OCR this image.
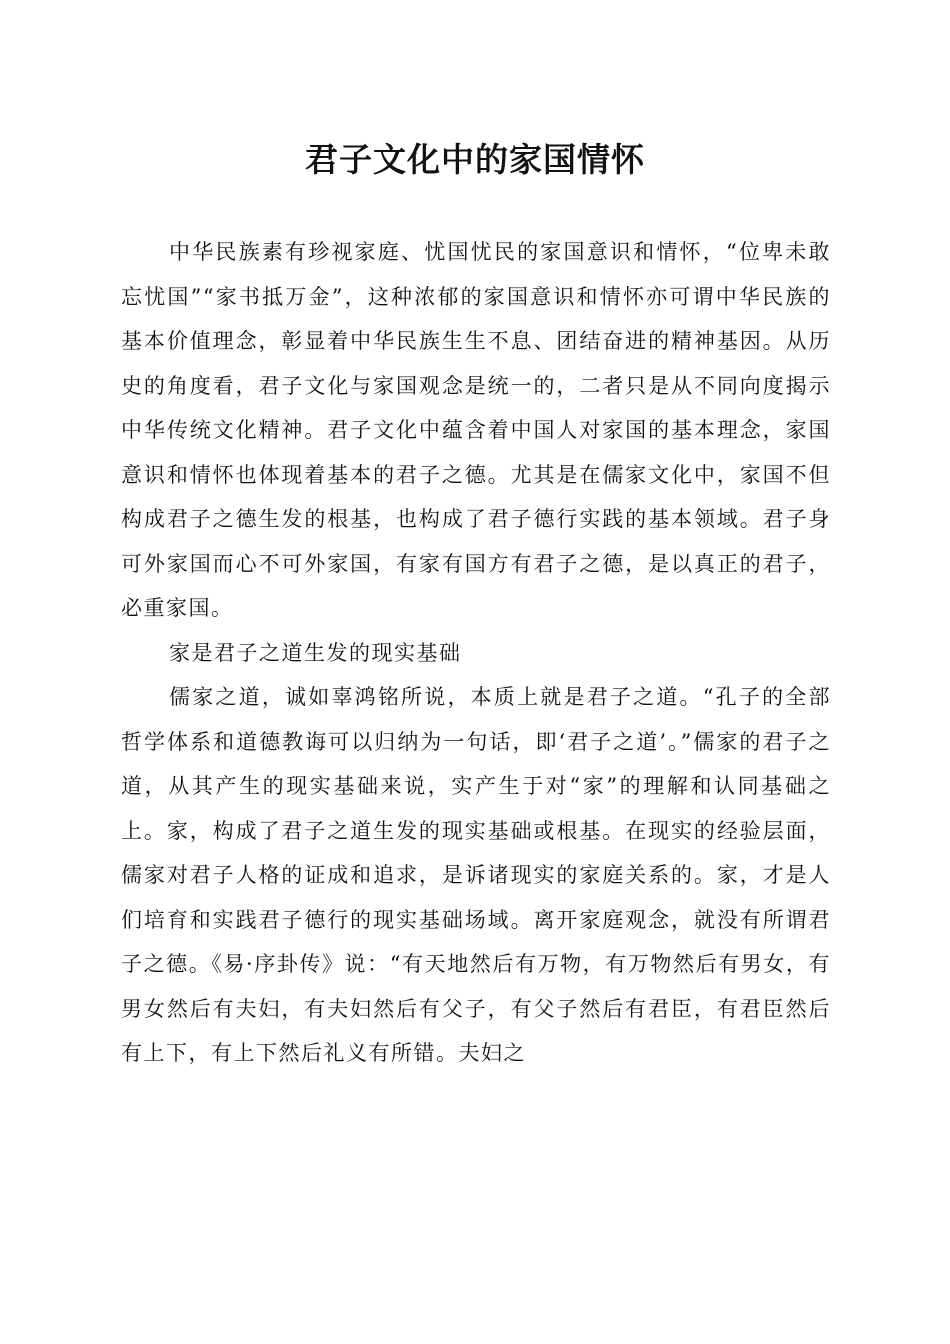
君子文化中的家国情怀

中华民族素有珍视家庭、忧国忧民的家国意识和情怀，“位卑未敢忘忧国”“家书抵万金”，这种浓郁的家国意识和情怀亦可谓中华民族的基本价值理念，彰显着中华民族生生不息、团结奋进的精神基因。从历史的角度看，君子文化与家国观念是统一的，二者只是从不同向度揭示中华传统文化精神。君子文化中蕴含着中国人对家国的基本理念，家国意识和情怀也体现着基本的君子之德。尤其是在儒家文化中，家国不但构成君子之德生发的根基，也构成了君子德行实践的基本领域。君子身可外家国而心不可外家国，有家有国方有君子之德，是以真正的君子，必重家国。

家是君子之道生发的现实基础

儒家之道，诚如辜鸿铭所说，本质上就是君子之道。“孔子的全部哲学体系和道德教诲可以归纳为一句话，即‘君子之道’。”儒家的君子之道，从其产生的现实基础来说，实产生于对“家”的理解和认同基础之上。家，构成了君子之道生发的现实基础或根基。在现实的经验层面，儒家对君子人格的证成和追求，是诉诸现实的家庭关系的。家，才是人们培育和实践君子德行的现实基础场域。离开家庭观念，就没有所谓君子之德。《易·序卦传》说：“有天地然后有万物，有万物然后有男女，有男女然后有夫妇，有夫妇然后有父子，有父子然后有君臣，有君臣然后有上下，有上下然后礼义有所错。夫妇之
